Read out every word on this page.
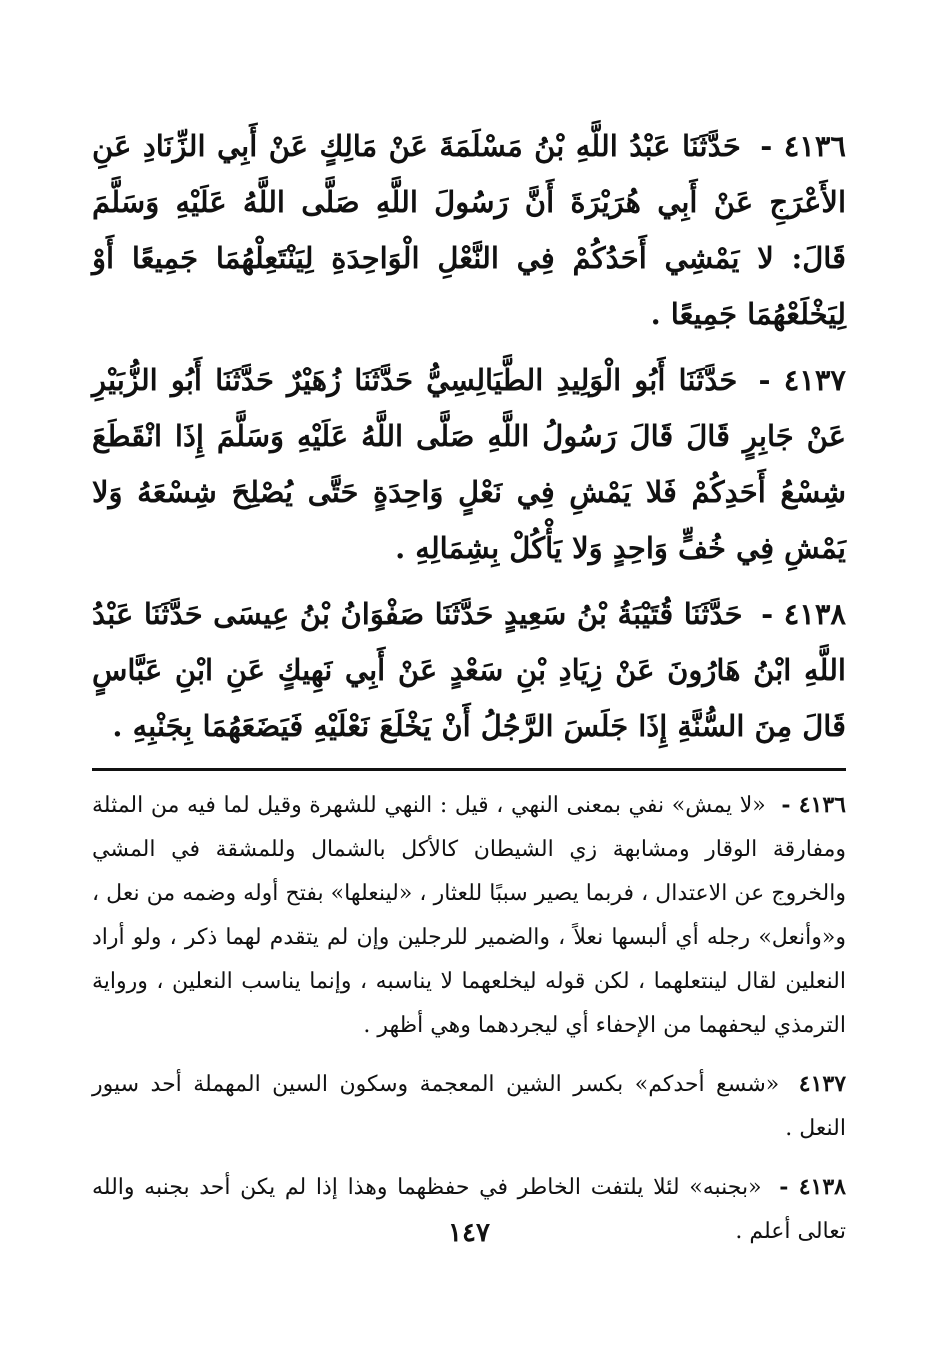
٤١٣٦ - حَدَّثَنَا عَبْدُ اللَّهِ بْنُ مَسْلَمَةَ عَنْ مَالِكٍ عَنْ أَبِي الزِّنَادِ عَنِ الأَعْرَجِ عَنْ أَبِي هُرَيْرَةَ أَنَّ رَسُولَ اللَّهِ صَلَّى اللَّهُ عَلَيْهِ وَسَلَّمَ قَالَ: لا يَمْشِي أَحَدُكُمْ فِي النَّعْلِ الْوَاحِدَةِ لِيَنْتَعِلْهُمَا جَمِيعًا أَوْ لِيَخْلَعْهُمَا جَمِيعًا .

٤١٣٧ - حَدَّثَنَا أَبُو الْوَلِيدِ الطَّيَالِسِيُّ حَدَّثَنَا زُهَيْرٌ حَدَّثَنَا أَبُو الزُّبَيْرِ عَنْ جَابِرٍ قَالَ قَالَ رَسُولُ اللَّهِ صَلَّى اللَّهُ عَلَيْهِ وَسَلَّمَ إِذَا انْقَطَعَ شِسْعُ أَحَدِكُمْ فَلا يَمْشِ فِي نَعْلٍ وَاحِدَةٍ حَتَّى يُصْلِحَ شِسْعَهُ وَلا يَمْشِ فِي خُفٍّ وَاحِدٍ وَلا يَأْكُلْ بِشِمَالِهِ .

٤١٣٨ - حَدَّثَنَا قُتَيْبَةُ بْنُ سَعِيدٍ حَدَّثَنَا صَفْوَانُ بْنُ عِيسَى حَدَّثَنَا عَبْدُ اللَّهِ ابْنُ هَارُونَ عَنْ زِيَادِ بْنِ سَعْدٍ عَنْ أَبِي نَهِيكٍ عَنِ ابْنِ عَبَّاسٍ قَالَ مِنَ السُّنَّةِ إِذَا جَلَسَ الرَّجُلُ أَنْ يَخْلَعَ نَعْلَيْهِ فَيَضَعَهُمَا بِجَنْبِهِ .

٤١٣٦ - «لا يمش» نفي بمعنى النهي ، قيل : النهي للشهرة وقيل لما فيه من المثلة ومفارقة الوقار ومشابهة زي الشيطان كالأكل بالشمال وللمشقة في المشي والخروج عن الاعتدال ، فربما يصير سببًا للعثار ، «لينعلها» بفتح أوله وضمه من نعل ، و«وأنعل» رجله أي ألبسها نعلاً ، والضمير للرجلين وإن لم يتقدم لهما ذكر ، ولو أراد النعلين لقال لينتعلهما ، لكن قوله ليخلعهما لا يناسبه ، وإنما يناسب النعلين ، ورواية الترمذي ليحفهما من الإحفاء أي ليجردهما وهي أظهر .

٤١٣٧ «شسع أحدكم» بكسر الشين المعجمة وسكون السين المهملة أحد سيور النعل .

٤١٣٨ - «بجنبه» لئلا يلتفت الخاطر في حفظهما وهذا إذا لم يكن أحد بجنبه والله تعالى أعلم .

١٤٧
